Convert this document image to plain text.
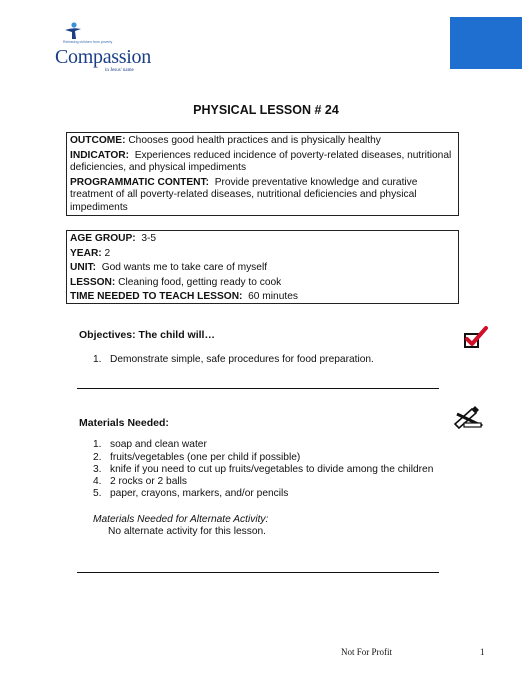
Releasing children from poverty
Compassion
in Jesus' name
PHYSICAL LESSON # 24

OUTCOME: Chooses good health practices and is physically healthy

INDICATOR: Experiences reduced incidence of poverty-related diseases, nutritional deficiencies, and physical impediments

PROGRAMMATIC CONTENT: Provide preventative knowledge and curative treatment of all poverty-related diseases, nutritional deficiencies and physical impediments

AGE GROUP: 3-5

YEAR: 2

UNIT: God wants me to take care of myself

LESSON: Cleaning food, getting ready to cook

TIME NEEDED TO TEACH LESSON: 60 minutes

Objectives: The child will…
1. Demonstrate simple, safe procedures for food preparation.
Materials Needed:
1. soap and clean water
2. fruits/vegetables (one per child if possible)
3. knife if you need to cut up fruits/vegetables to divide among the children
4. 2 rocks or 2 balls
5. paper, crayons, markers, and/or pencils
Materials Needed for Alternate Activity:
No alternate activity for this lesson.
Not For Profit	1
